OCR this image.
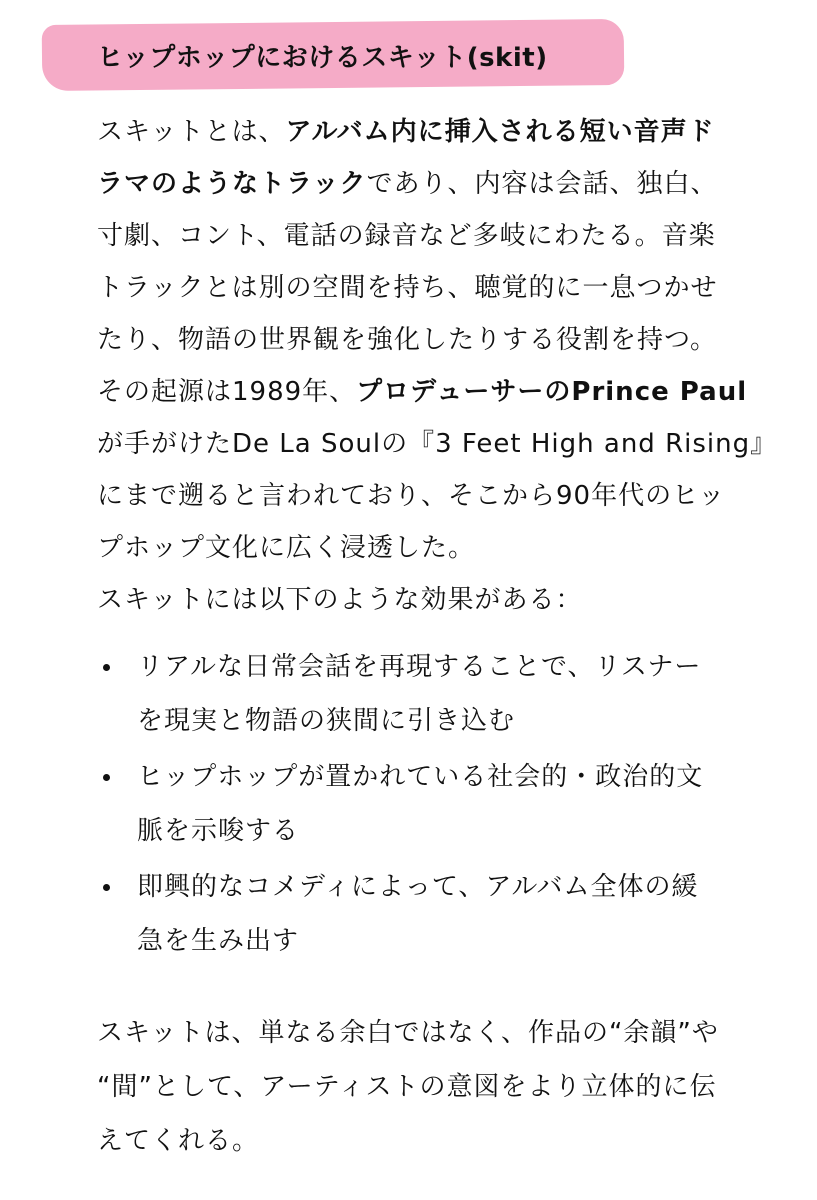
ヒップホップにおけるスキット(skit)
スキットとは、アルバム内に挿入される短い音声ド
ラマのようなトラックであり、内容は会話、独白、
寸劇、コント、電話の録音など多岐にわたる。音楽
トラックとは別の空間を持ち、聴覚的に一息つかせ
たり、物語の世界観を強化したりする役割を持つ。
その起源は1989年、プロデューサーのPrince Paul
が手がけたDe La Soulの『3 Feet High and Rising』
にまで遡ると言われており、そこから90年代のヒッ
プホップ文化に広く浸透した。
スキットには以下のような効果がある：
リアルな日常会話を再現することで、リスナー
を現実と物語の狭間に引き込む
ヒップホップが置かれている社会的・政治的文
脈を示唆する
即興的なコメディによって、アルバム全体の緩
急を生み出す
スキットは、単なる余白ではなく、作品の“余韻”や
“間”として、アーティストの意図をより立体的に伝
えてくれる。
